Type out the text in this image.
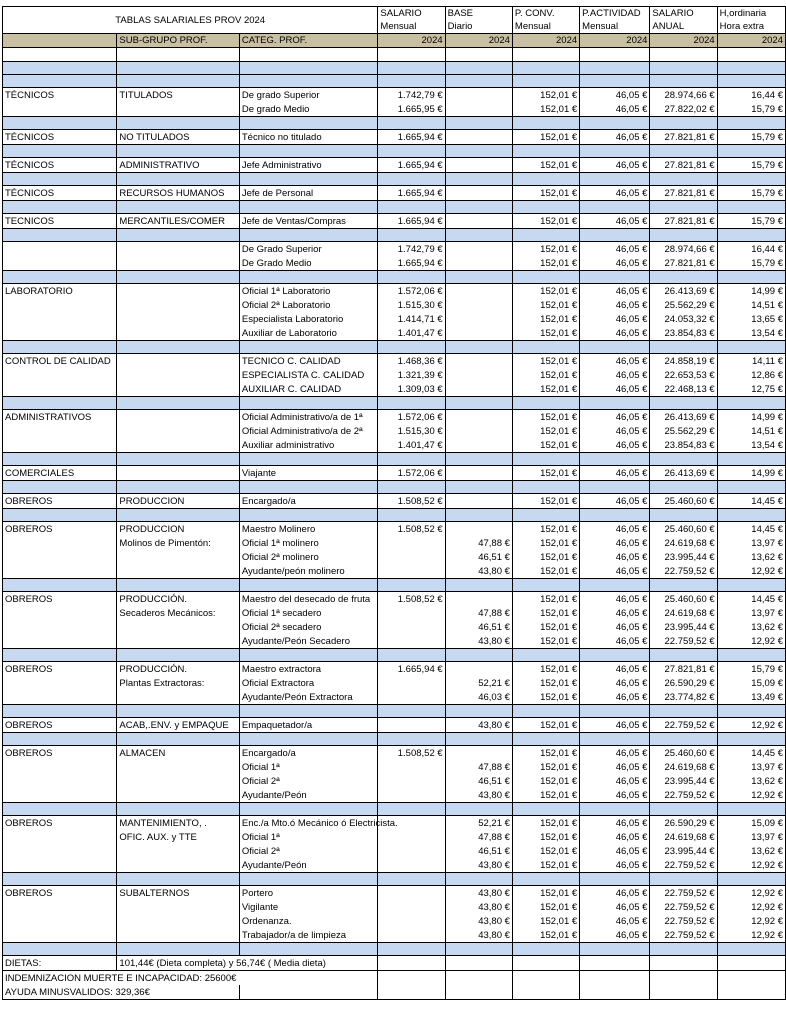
TABLAS SALARIALES PROV 2024			SALARIO	BASE	P. CONV.	P.ACTIVIDAD	SALARIO	H,ordinaria
			Mensual	Diario	Mensual	Mensual	ANUAL	Hora extra
	SUB-GRUPO PROF.	CATEG. PROF.	2024	2024	2024	2024	2024	2024

TÉCNICOS	TITULADOS	De grado Superior	1.742,79 €		152,01 €	46,05 €	28.974,66 €	16,44 €
		De grado Medio	1.665,95 €		152,01 €	46,05 €	27.822,02 €	15,79 €

TÉCNICOS	NO TITULADOS	Técnico no titulado	1.665,94 €		152,01 €	46,05 €	27.821,81 €	15,79 €

TÉCNICOS	ADMINISTRATIVO	Jefe Administrativo	1.665,94 €		152,01 €	46,05 €	27.821,81 €	15,79 €

TÉCNICOS	RECURSOS HUMANOS	Jefe de Personal	1.665,94 €		152,01 €	46,05 €	27.821,81 €	15,79 €

TECNICOS	MERCANTILES/COMER	Jefe de Ventas/Compras	1.665,94 €		152,01 €	46,05 €	27.821,81 €	15,79 €

		De Grado Superior	1.742,79 €		152,01 €	46,05 €	28.974,66 €	16,44 €
		De Grado Medio	1.665,94 €		152,01 €	46,05 €	27.821,81 €	15,79 €

LABORATORIO		Oficial 1ª Laboratorio	1.572,06 €		152,01 €	46,05 €	26.413,69 €	14,99 €
		Oficial 2ª Laboratorio	1.515,30 €		152,01 €	46,05 €	25.562,29 €	14,51 €
		Especialista Laboratorio	1.414,71 €		152,01 €	46,05 €	24.053,32 €	13,65 €
		Auxiliar de Laboratorio	1.401,47 €		152,01 €	46,05 €	23.854,83 €	13,54 €

CONTROL DE CALIDAD		TECNICO C. CALIDAD	1.468,36 €		152,01 €	46,05 €	24.858,19 €	14,11 €
		ESPECIALISTA C. CALIDAD	1.321,39 €		152,01 €	46,05 €	22.653,53 €	12,86 €
		AUXILIAR C. CALIDAD	1.309,03 €		152,01 €	46,05 €	22.468,13 €	12,75 €

ADMINISTRATIVOS		Oficial Administrativo/a de 1ª	1.572,06 €		152,01 €	46,05 €	26.413,69 €	14,99 €
		Oficial Administrativo/a de 2ª	1.515,30 €		152,01 €	46,05 €	25.562,29 €	14,51 €
		Auxiliar administrativo	1.401,47 €		152,01 €	46,05 €	23.854,83 €	13,54 €

COMERCIALES		Viajante	1.572,06 €		152,01 €	46,05 €	26.413,69 €	14,99 €

OBREROS	PRODUCCION	Encargado/a	1.508,52 €		152,01 €	46,05 €	25.460,60 €	14,45 €

OBREROS	PRODUCCION	Maestro Molinero	1.508,52 €		152,01 €	46,05 €	25.460,60 €	14,45 €
	Molinos de Pimentón:	Oficial 1ª molinero		47,88 €	152,01 €	46,05 €	24.619,68 €	13,97 €
		Oficial 2ª molinero		46,51 €	152,01 €	46,05 €	23.995,44 €	13,62 €
		Ayudante/peón molinero		43,80 €	152,01 €	46,05 €	22.759,52 €	12,92 €

OBREROS	PRODUCCIÓN.	Maestro del desecado de fruta	1.508,52 €		152,01 €	46,05 €	25.460,60 €	14,45 €
	Secaderos Mecánicos:	Oficial 1ª secadero		47,88 €	152,01 €	46,05 €	24.619,68 €	13,97 €
		Oficial 2ª secadero		46,51 €	152,01 €	46,05 €	23.995,44 €	13,62 €
		Ayudante/Peón Secadero		43,80 €	152,01 €	46,05 €	22.759,52 €	12,92 €

OBREROS	PRODUCCIÓN.	Maestro extractora	1.665,94 €		152,01 €	46,05 €	27.821,81 €	15,79 €
	Plantas Extractoras:	Oficial Extractora		52,21 €	152,01 €	46,05 €	26.590,29 €	15,09 €
		Ayudante/Peón Extractora		46,03 €	152,01 €	46,05 €	23.774,82 €	13,49 €

OBREROS	ACAB,.ENV. y EMPAQUE	Empaquetador/a		43,80 €	152,01 €	46,05 €	22.759,52 €	12,92 €

OBREROS	ALMACEN	Encargado/a	1.508,52 €		152,01 €	46,05 €	25.460,60 €	14,45 €
		Oficial 1ª		47,88 €	152,01 €	46,05 €	24.619,68 €	13,97 €
		Oficial 2ª		46,51 €	152,01 €	46,05 €	23.995,44 €	13,62 €
		Ayudante/Peón		43,80 €	152,01 €	46,05 €	22.759,52 €	12,92 €

OBREROS	MANTENIMIENTO, .	Enc./a Mto.ó Mecánico ó Electricista.		52,21 €	152,01 €	46,05 €	26.590,29 €	15,09 €
	OFIC. AUX. y TTE	Oficial 1ª		47,88 €	152,01 €	46,05 €	24.619,68 €	13,97 €
		Oficial 2ª		46,51 €	152,01 €	46,05 €	23.995,44 €	13,62 €
		Ayudante/Peón		43,80 €	152,01 €	46,05 €	22.759,52 €	12,92 €

OBREROS	SUBALTERNOS	Portero		43,80 €	152,01 €	46,05 €	22.759,52 €	12,92 €
		Vigilante		43,80 €	152,01 €	46,05 €	22.759,52 €	12,92 €
		Ordenanza.		43,80 €	152,01 €	46,05 €	22.759,52 €	12,92 €
		Trabajador/a de limpieza		43,80 €	152,01 €	46,05 €	22.759,52 €	12,92 €

DIETAS:	101,44€ (Dieta completa) y 56,74€ ( Media dieta)							
INDEMNIZACION MUERTE E INCAPACIDAD: 25600€								
AYUDA MINUSVALIDOS: 329,36€								
